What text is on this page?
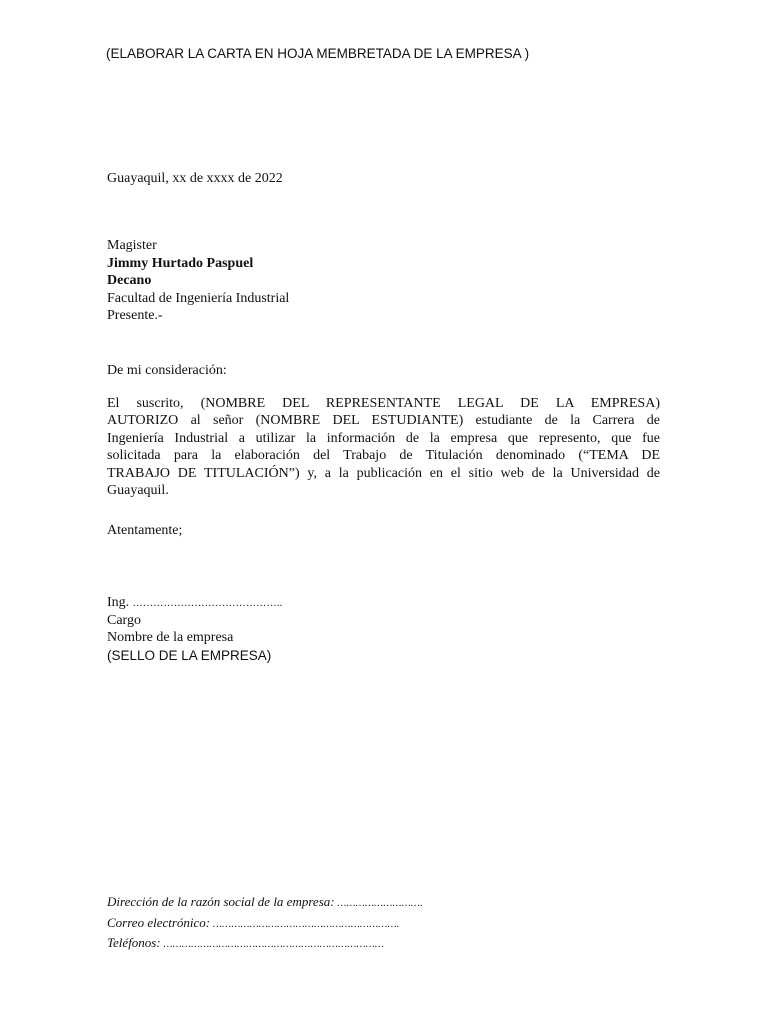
(ELABORAR LA CARTA EN HOJA MEMBRETADA DE LA EMPRESA )
Guayaquil, xx de xxxx de 2022
Magister
Jimmy Hurtado Paspuel
Decano
Facultad de Ingeniería Industrial
Presente.-
De mi consideración:
El suscrito, (NOMBRE DEL REPRESENTANTE LEGAL DE LA EMPRESA)
AUTORIZO al señor (NOMBRE DEL ESTUDIANTE) estudiante de la Carrera de
Ingeniería Industrial a utilizar la información de la empresa que represento, que fue
solicitada para la elaboración del Trabajo de Titulación denominado (“TEMA DE
TRABAJO DE TITULACIÓN”) y, a la publicación en el sitio web de la Universidad de
Guayaquil.
Atentamente;
Ing. ……………………………………..
Cargo
Nombre de la empresa
(SELLO DE LA EMPRESA)
Dirección de la razón social de la empresa: ……………………….
Correo electrónico: …………………………………………………….
Teléfonos: ………………………………………………………………
